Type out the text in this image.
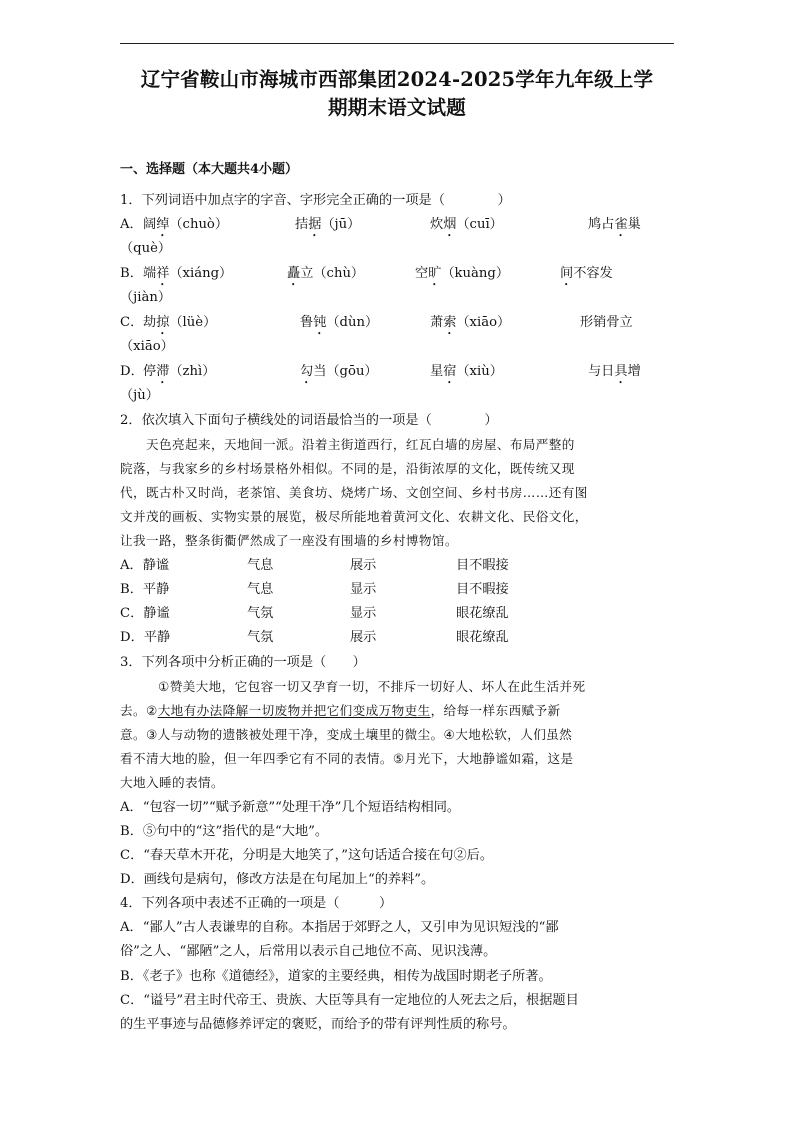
辽宁省鞍山市海城市西部集团2024-2025学年九年级上学
期期末语文试题
一、选择题（本大题共4小题）
1．下列词语中加点字的字音、字形完全正确的一项是（　　　　）
A． 阔绰（chuò）	拮据（jū）	炊烟（cuī）	鸠占雀巢
（què）
B． 端祥（xiáng）	矗立（chù）	空旷（kuàng）	间不容发
（jiàn）
C． 劫掠（lüè）	鲁钝（dùn）	萧索（xiāo）	形销骨立
（xiāo）
D． 停滞（zhì）	勾当（gōu）	星宿（xiù）	与日具增
（jù）
2．依次填入下面句子横线处的词语最恰当的一项是（　　　　）
天色亮起来，天地间一派。沿着主街道西行，红瓦白墙的房屋、布局严整的
院落，与我家乡的乡村场景格外相似。不同的是，沿街浓厚的文化，既传统又现
代，既古朴又时尚，老茶馆、美食坊、烧烤广场、文创空间、乡村书房……还有图
文并茂的画板、实物实景的展览，极尽所能地着黄河文化、农耕文化、民俗文化，
让我一路，整条街衢俨然成了一座没有围墙的乡村博物馆。
A．静谧	气息	展示	目不暇接
B．平静	气息	显示	目不暇接
C．静谧	气氛	显示	眼花缭乱
D．平静	气氛	展示	眼花缭乱
3．下列各项中分析正确的一项是（　　）
①赞美大地，它包容一切又孕育一切，不排斥一切好人、坏人在此生活并死
去。②大地有办法降解一切废物并把它们变成万物吏生，给每一样东西赋予新
意。③人与动物的遗骸被处理干净，变成土壤里的微尘。④大地松软，人们虽然
看不清大地的脸，但一年四季它有不同的表情。⑤月光下，大地静谧如霜，这是
大地入睡的表情。
A．“包容一切”“赋予新意”“处理干净”几个短语结构相同。
B．⑤句中的“这”指代的是“大地”。
C．“春天草木开花，分明是大地笑了，”这句话适合接在句②后。
D．画线句是病句，修改方法是在句尾加上“的养料”。
4．下列各项中表述不正确的一项是（　　　）
A．“鄙人”古人表谦卑的自称。本指居于郊野之人，又引申为见识短浅的“鄙
俗”之人、“鄙陋”之人，后常用以表示自己地位不高、见识浅薄。
B．《老子》也称《道德经》，道家的主要经典，相传为战国时期老子所著。
C．“谥号”君主时代帝王、贵族、大臣等具有一定地位的人死去之后，根据题目
的生平事迹与品德修养评定的褒贬，而给予的带有评判性质的称号。
